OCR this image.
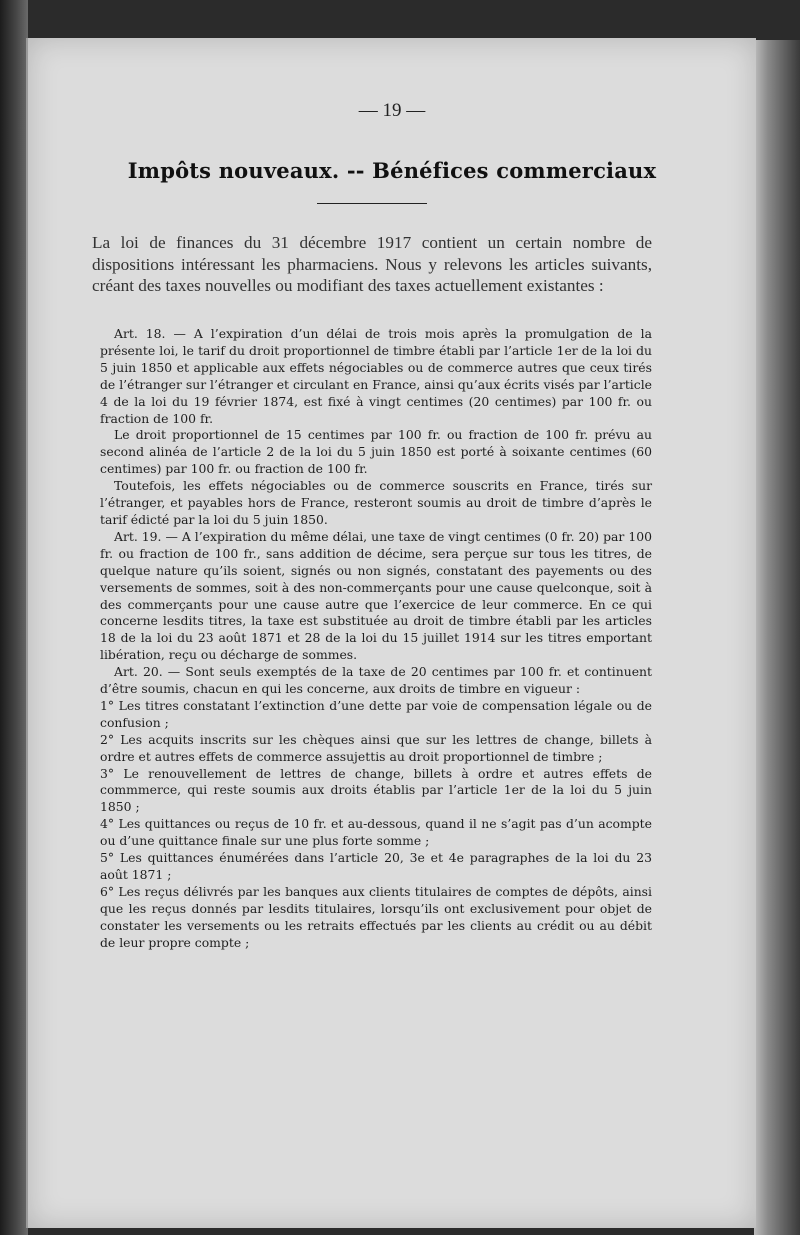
— 19 —
Impôts nouveaux. -- Bénéfices commerciaux

La loi de finances du 31 décembre 1917 contient un certain nombre de dispositions intéressant les pharmaciens. Nous y relevons les articles suivants, créant des taxes nouvelles ou modifiant des taxes actuellement existantes :

Art. 18. — A l’expiration d’un délai de trois mois après la promulgation de la présente loi, le tarif du droit proportionnel de timbre établi par l’article 1er de la loi du 5 juin 1850 et applicable aux effets négociables ou de commerce autres que ceux tirés de l’étranger sur l’étranger et circulant en France, ainsi qu’aux écrits visés par l’article 4 de la loi du 19 février 1874, est fixé à vingt centimes (20 centimes) par 100 fr. ou fraction de 100 fr.

Le droit proportionnel de 15 centimes par 100 fr. ou fraction de 100 fr. prévu au second alinéa de l’article 2 de la loi du 5 juin 1850 est porté à soixante centimes (60 centimes) par 100 fr. ou fraction de 100 fr.

Toutefois, les effets négociables ou de commerce souscrits en France, tirés sur l’étranger, et payables hors de France, resteront soumis au droit de timbre d’après le tarif édicté par la loi du 5 juin 1850.

Art. 19. — A l’expiration du même délai, une taxe de vingt centimes (0 fr. 20) par 100 fr. ou fraction de 100 fr., sans addition de décime, sera perçue sur tous les titres, de quelque nature qu’ils soient, signés ou non signés, constatant des payements ou des versements de sommes, soit à des non-commerçants pour une cause quelconque, soit à des commerçants pour une cause autre que l’exercice de leur commerce. En ce qui concerne lesdits titres, la taxe est substituée au droit de timbre établi par les articles 18 de la loi du 23 août 1871 et 28 de la loi du 15 juillet 1914 sur les titres emportant libération, reçu ou décharge de sommes.

Art. 20. — Sont seuls exemptés de la taxe de 20 centimes par 100 fr. et continuent d’être soumis, chacun en qui les concerne, aux droits de timbre en vigueur :

1° Les titres constatant l’extinction d’une dette par voie de compensation légale ou de confusion ;

2° Les acquits inscrits sur les chèques ainsi que sur les lettres de change, billets à ordre et autres effets de commerce assujettis au droit proportionnel de timbre ;

3° Le renouvellement de lettres de change, billets à ordre et autres effets de commmerce, qui reste soumis aux droits établis par l’article 1er de la loi du 5 juin 1850 ;

4° Les quittances ou reçus de 10 fr. et au-dessous, quand il ne s’agit pas d’un acompte ou d’une quittance finale sur une plus forte somme ;

5° Les quittances énumérées dans l’article 20, 3e et 4e paragraphes de la loi du 23 août 1871 ;

6° Les reçus délivrés par les banques aux clients titulaires de comptes de dépôts, ainsi que les reçus donnés par lesdits titulaires, lorsqu’ils ont exclusivement pour objet de constater les versements ou les retraits effectués par les clients au crédit ou au débit de leur propre compte ;
